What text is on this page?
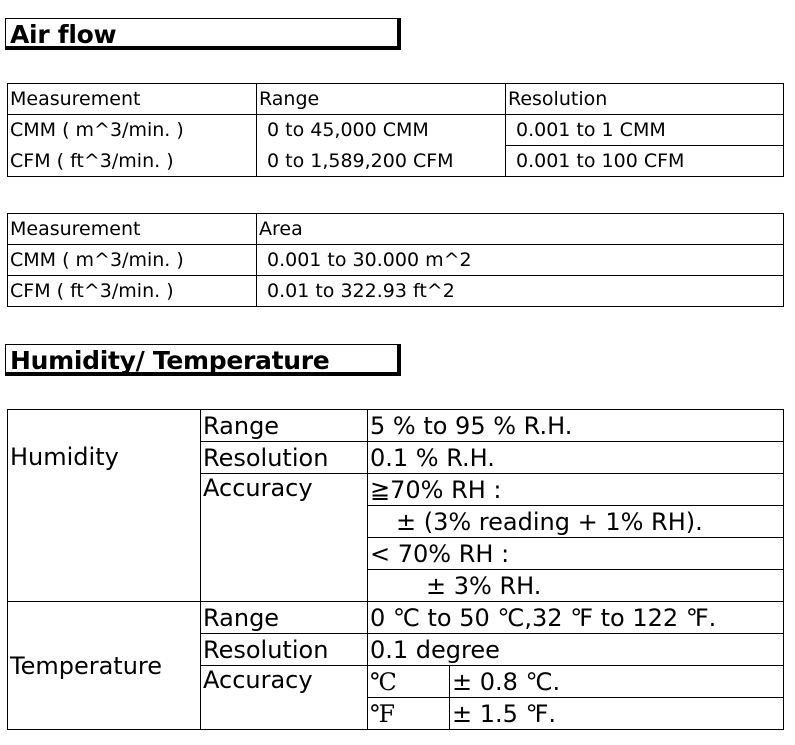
Air flow
Measurement	Range	Resolution
CMM ( m^3/min. )	0 to 45,000 CMM	0.001 to 1 CMM
CFM ( ft^3/min. )	0 to 1,589,200 CFM	0.001 to 100 CFM
Measurement	Area
CMM ( m^3/min. )	0.001 to 30.000 m^2
CFM ( ft^3/min. )	0.01 to 322.93 ft^2
Humidity/ Temperature
Humidity	Range	5 % to 95 % R.H.	
	Resolution	0.1 % R.H.	
	Accuracy	≧70% RH :	
		± (3% reading + 1% RH).	
		< 70% RH :	
		± 3% RH.	
Temperature	Range	0 ℃ to 50 ℃,32 ℉ to 122 ℉.	
	Resolution	0.1 degree	
	Accuracy	℃	± 0.8 ℃.
		℉	± 1.5 ℉.
